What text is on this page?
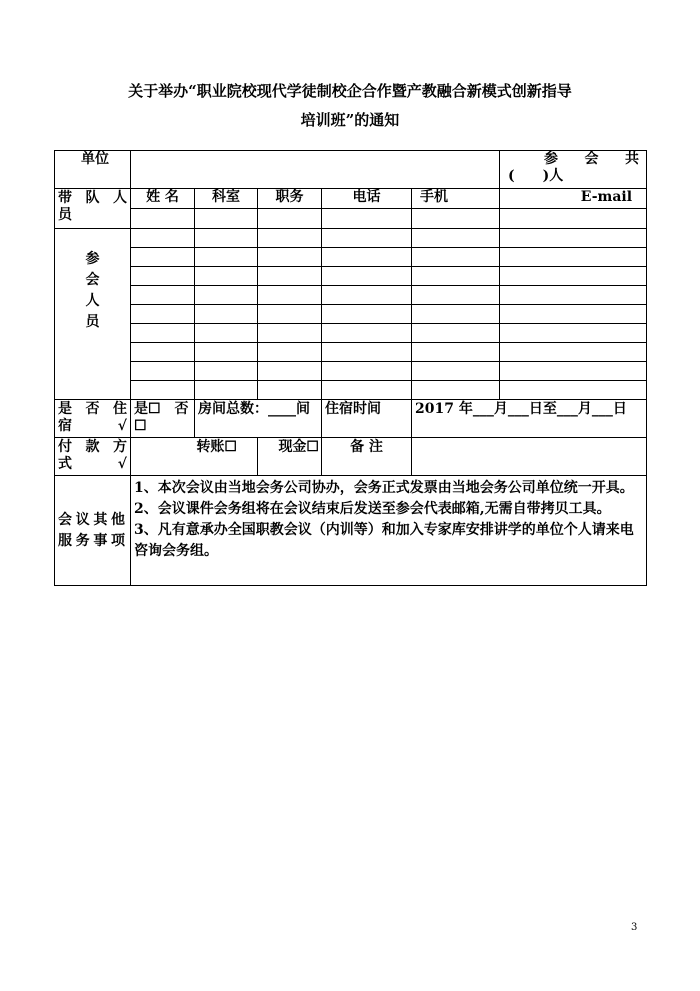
关于举办“职业院校现代学徒制校企合作暨产教融合新模式创新指导
培训班”的通知
单位						参　会　共
(　　)人

带 队 人 员	姓 名	科室	职务	电话	手机	E-mail

参会人员						

是 否 住 宿√	是☐　否☐	房间总数：____间		住宿时间	2017 年___月___日至___月___日	
付 款 方 式√	转账☐		现金☐	备 注		

会议其他服务事项	1、本次会议由当地会务公司协办，会务正式发票由当地会务公司单位统一开具。
2、会议课件会务组将在会议结束后发送至参会代表邮箱,无需自带拷贝工具。
3、凡有意承办全国职教会议（内训等）和加入专家库安排讲学的单位个人请来电咨询会务组。					
3
